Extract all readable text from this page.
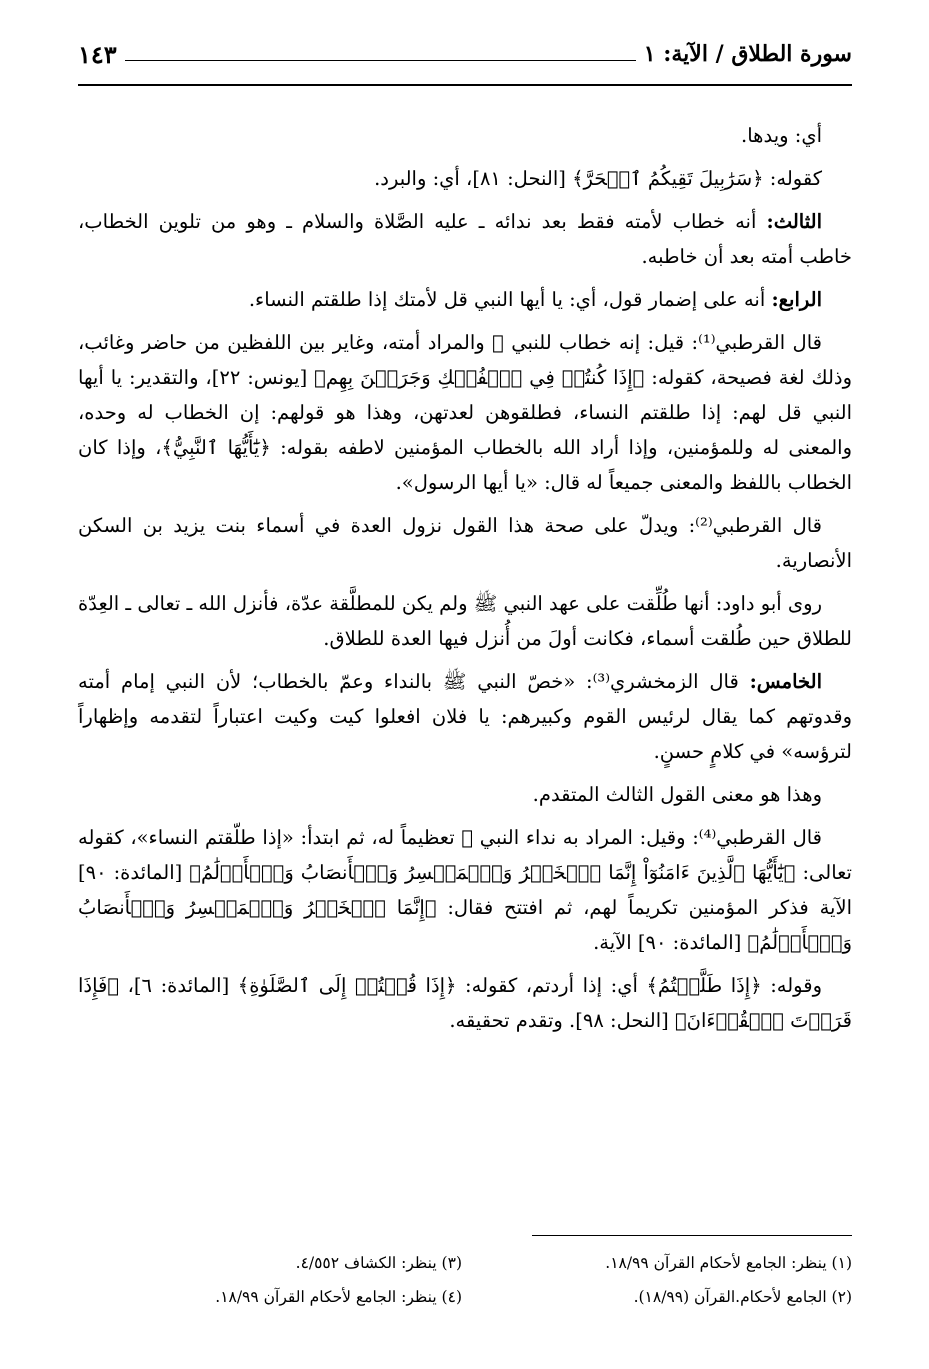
سورة الطلاق / الآية: ١
١٤٣

أي: ويدها.

كقوله: ﴿سَرَٰبِيلَ تَقِيكُمُ ٱلۡحَرَّ﴾ [النحل: ٨١]، أي: والبرد.

الثالث: أنه خطاب لأمته فقط بعد ندائه ـ عليه الصَّلاة والسلام ـ وهو من تلوين الخطاب، خاطب أمته بعد أن خاطبه.

الرابع: أنه على إضمار قول، أي: يا أيها النبي قل لأمتك إذا طلقتم النساء.

قال القرطبي⁽¹⁾: قيل: إنه خطاب للنبي ﷺ والمراد أمته، وغاير بين اللفظين من حاضر وغائب، وذلك لغة فصيحة، كقوله: ﴿إِذَا كُنتُمۡ فِي ٱلۡفُلۡكِ وَجَرَيۡنَ بِهِم﴾ [يونس: ٢٢]، والتقدير: يا أيها النبي قل لهم: إذا طلقتم النساء، فطلقوهن لعدتهن، وهذا هو قولهم: إن الخطاب له وحده، والمعنى له وللمؤمنين، وإذا أراد الله بالخطاب المؤمنين لاطفه بقوله: ﴿يَٰٓأَيُّهَا ٱلنَّبِيُّ﴾، وإذا كان الخطاب باللفظ والمعنى جميعاً له قال: «يا أيها الرسول».

قال القرطبي⁽²⁾: ويدلّ على صحة هذا القول نزول العدة في أسماء بنت يزيد بن السكن الأنصارية.

روى أبو داود: أنها طُلِّقت على عهد النبي ﷺ ولم يكن للمطلَّقة عدّة، فأنزل الله ـ تعالى ـ العِدّة للطلاق حين طُلقت أسماء، فكانت أولَ من أُنزل فيها العدة للطلاق.

الخامس: قال الزمخشري⁽³⁾: «خصّ النبي ﷺ بالنداء وعمّ بالخطاب؛ لأن النبي إمام أمته وقدوتهم كما يقال لرئيس القوم وكبيرهم: يا فلان افعلوا كيت وكيت اعتباراً لتقدمه وإظهاراً لترؤسه» في كلامٍ حسنٍ.

وهذا هو معنى القول الثالث المتقدم.

قال القرطبي⁽⁴⁾: وقيل: المراد به نداء النبي ﷺ تعظيماً له، ثم ابتدأ: «إذا طلّقتم النساء»، كقوله تعالى: ﴿يَٰٓأَيُّهَا ٱلَّذِينَ ءَامَنُوٓاْ إِنَّمَا ٱلۡخَمۡرُ وَٱلۡمَيۡسِرُ وَٱلۡأَنصَابُ وَٱلۡأَزۡلَٰمُ﴾ [المائدة: ٩٠] الآية فذكر المؤمنين تكريماً لهم، ثم افتتح فقال: ﴿إِنَّمَا ٱلۡخَمۡرُ وَٱلۡمَيۡسِرُ وَٱلۡأَنصَابُ وَٱلۡأَزۡلَٰمُ﴾ [المائدة: ٩٠] الآية.

وقوله: ﴿إِذَا طَلَّقۡتُمُ﴾ أي: إذا أردتم، كقوله: ﴿إِذَا قُمۡتُمۡ إِلَى ٱلصَّلَوٰةِ﴾ [المائدة: ٦]، ﴿فَإِذَا قَرَأۡتَ ٱلۡقُرۡءَانَ﴾ [النحل: ٩٨]. وتقدم تحقيقه.

(١) ينظر: الجامع لأحكام القرآن ١٨/٩٩.
(٣) ينظر: الكشاف ٤/٥٥٢.
(٢) الجامع لأحكام.القرآن (١٨/٩٩).
(٤) ينظر: الجامع لأحكام القرآن ١٨/٩٩.
